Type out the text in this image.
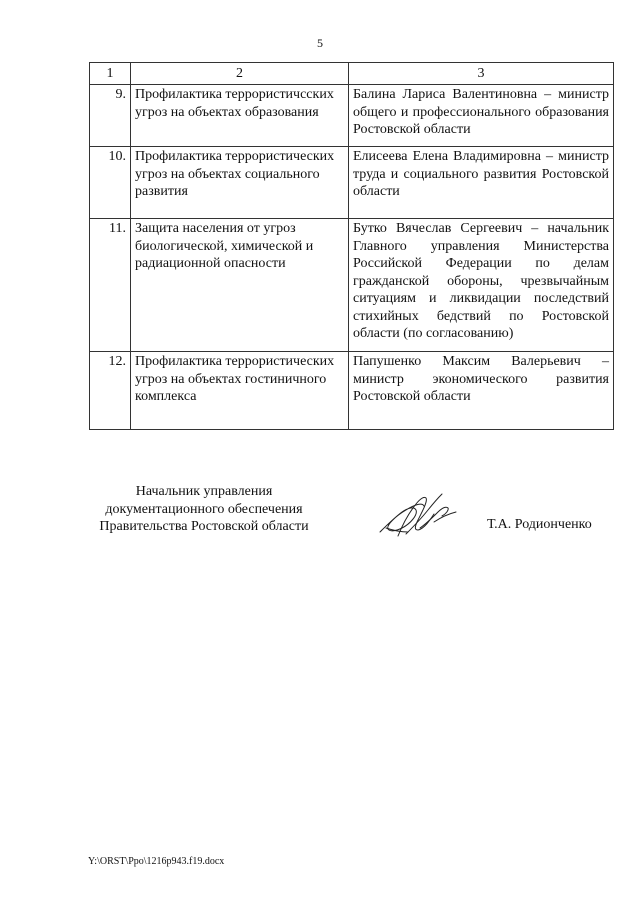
5
1	2	3
9.	Профилактика террористичсских угроз на объектах образования	Балина Лариса Валентиновна – министр общего и профессионального образования Ростовской области
10.	Профилактика террористических угроз на объектах социального развития	Елисеева Елена Владимировна – министр труда и социального развития Ростовской области
11.	Защита населения от угроз биологической, химической и радиационной опасности	Бутко Вячеслав Сергеевич – начальник Главного управления Министерства Российской Федерации по делам гражданской обороны, чрезвычайным ситуациям и ликвидации последствий стихийных бедствий по Ростовской области (по согласованию)
12.	Профилактика террористических угроз на объектах гостиничного комплекса	Папушенко Максим Валерьевич – министр экономического развития Ростовской области
Начальник управления
документационного обеспечения
Правительства Ростовской области	Т.А. Родионченко
Y:\ORST\Ppo\1216p943.f19.docx
